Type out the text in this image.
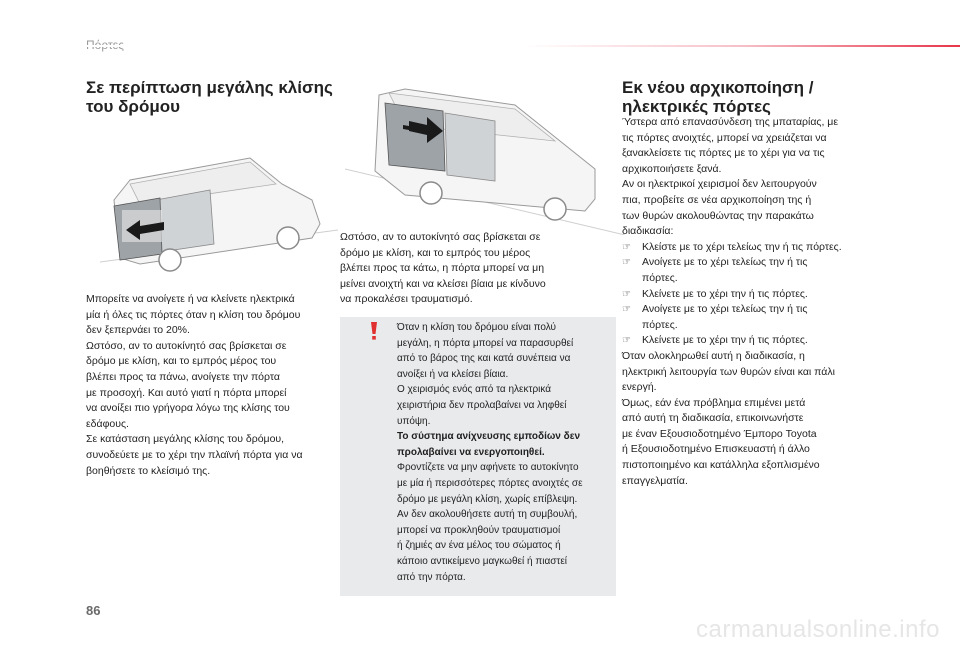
Σε περίπτωση μεγάλης κλίσης
του δρόμου

Μπορείτε να ανοίγετε ή να κλείνετε ηλεκτρικά

μία ή όλες τις πόρτες όταν η κλίση του δρόμου

δεν ξεπερνάει το 20%.

Ωστόσο, αν το αυτοκίνητό σας βρίσκεται σε

δρόμο με κλίση, και το εμπρός μέρος του

βλέπει προς τα πάνω, ανοίγετε την πόρτα

με προσοχή. Και αυτό γιατί η πόρτα μπορεί

να ανοίξει πιο γρήγορα λόγω της κλίσης του

εδάφους.

Σε κατάσταση μεγάλης κλίσης του δρόμου,

συνοδεύετε με το χέρι την πλαϊνή πόρτα για να

βοηθήσετε το κλείσιμό της.

Ωστόσο, αν το αυτοκίνητό σας βρίσκεται σε

δρόμο με κλίση, και το εμπρός του μέρος

βλέπει προς τα κάτω, η πόρτα μπορεί να μη

μείνει ανοιχτή και να κλείσει βίαια με κίνδυνο

να προκαλέσει τραυματισμό.

Όταν η κλίση του δρόμου είναι πολύ

μεγάλη, η πόρτα μπορεί να παρασυρθεί

από το βάρος της και κατά συνέπεια να

ανοίξει ή να κλείσει βίαια.

Ο χειρισμός ενός από τα ηλεκτρικά

χειριστήρια δεν προλαβαίνει να ληφθεί

υπόψη.

Το σύστημα ανίχνευσης εμποδίων δεν

προλαβαίνει να ενεργοποιηθεί.

Φροντίζετε να μην αφήνετε το αυτοκίνητο

με μία ή περισσότερες πόρτες ανοιχτές σε

δρόμο με μεγάλη κλίση, χωρίς επίβλεψη.

Αν δεν ακολουθήσετε αυτή τη συμβουλή,

μπορεί να προκληθούν τραυματισμοί

ή ζημιές αν ένα μέλος του σώματος ή

κάποιο αντικείμενο μαγκωθεί ή πιαστεί

από την πόρτα.

Εκ νέου αρχικοποίηση /
ηλεκτρικές πόρτες

Ύστερα από επανασύνδεση της μπαταρίας, με

τις πόρτες ανοιχτές, μπορεί να χρειάζεται να

ξανακλείσετε τις πόρτες με το χέρι για να τις

αρχικοποιήσετε ξανά.

Αν οι ηλεκτρικοί χειρισμοί δεν λειτουργούν

πια, προβείτε σε νέα αρχικοποίηση της ή

των θυρών ακολουθώντας την παρακάτω

διαδικασία:

☞ Κλείστε με το χέρι τελείως την ή τις πόρτες.

☞ Ανοίγετε με το χέρι τελείως την ή τις

πόρτες.

☞ Κλείνετε με το χέρι την ή τις πόρτες.

☞ Ανοίγετε με το χέρι τελείως την ή τις

πόρτες.

☞ Κλείνετε με το χέρι την ή τις πόρτες.

Όταν ολοκληρωθεί αυτή η διαδικασία, η

ηλεκτρική λειτουργία των θυρών είναι και πάλι

ενεργή.

Όμως, εάν ένα πρόβλημα επιμένει μετά

από αυτή τη διαδικασία, επικοινωνήστε

με έναν Εξουσιοδοτημένο Έμπορο Toyota

ή Εξουσιοδοτημένο Επισκευαστή ή άλλο

πιστοποιημένο και κατάλληλα εξοπλισμένο

επαγγελματία.

86
carmanualsonline.info
